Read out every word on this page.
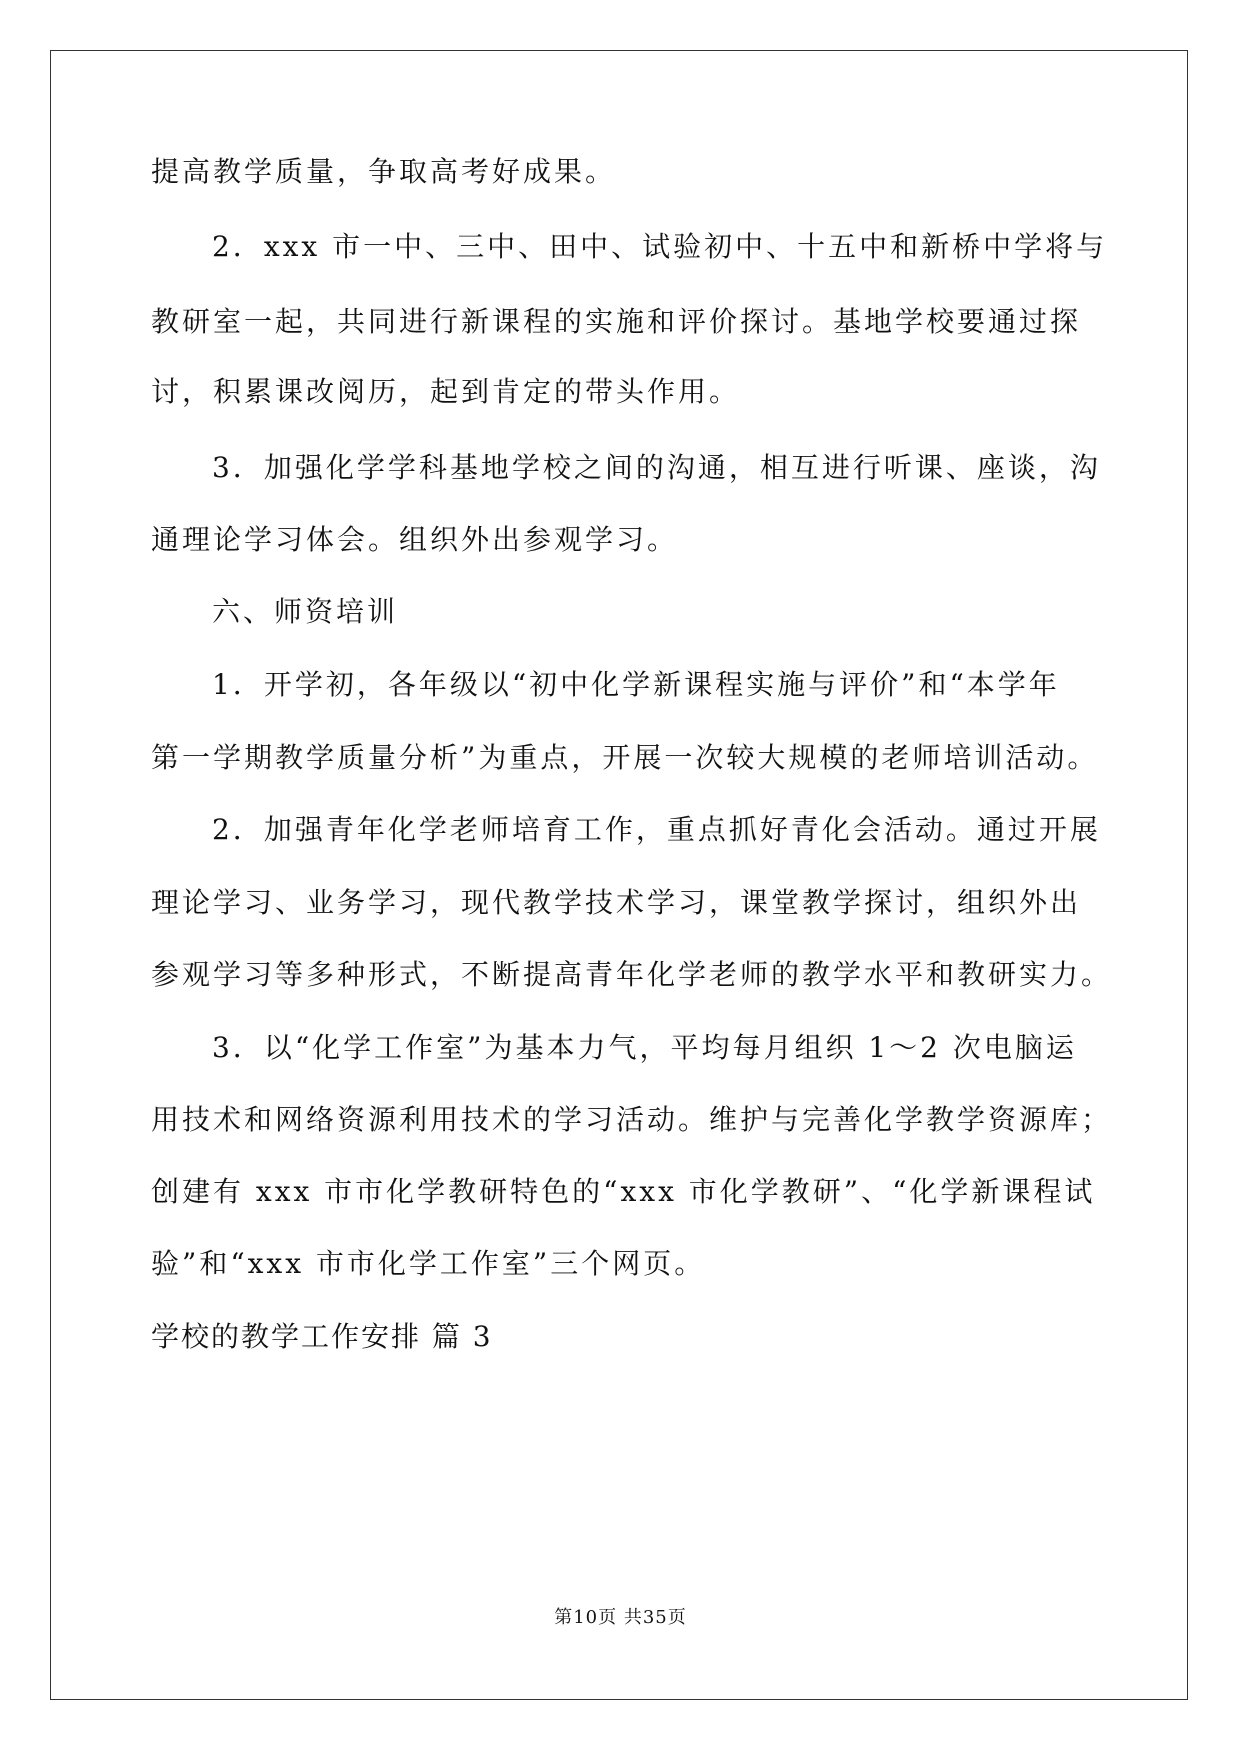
提高教学质量，争取高考好成果。
2．xxx 市一中、三中、田中、试验初中、十五中和新桥中学将与
教研室一起，共同进行新课程的实施和评价探讨。基地学校要通过探
讨，积累课改阅历，起到肯定的带头作用。
3．加强化学学科基地学校之间的沟通，相互进行听课、座谈，沟
通理论学习体会。组织外出参观学习。
六、师资培训
1．开学初，各年级以“初中化学新课程实施与评价”和“本学年
第一学期教学质量分析”为重点，开展一次较大规模的老师培训活动。
2．加强青年化学老师培育工作，重点抓好青化会活动。通过开展
理论学习、业务学习，现代教学技术学习，课堂教学探讨，组织外出
参观学习等多种形式，不断提高青年化学老师的教学水平和教研实力。
3．以“化学工作室”为基本力气，平均每月组织 1～2 次电脑运
用技术和网络资源利用技术的学习活动。维护与完善化学教学资源库；
创建有 xxx 市市化学教研特色的“xxx 市化学教研”、“化学新课程试
验”和“xxx 市市化学工作室”三个网页。
学校的教学工作安排 篇 3
第10页 共35页
